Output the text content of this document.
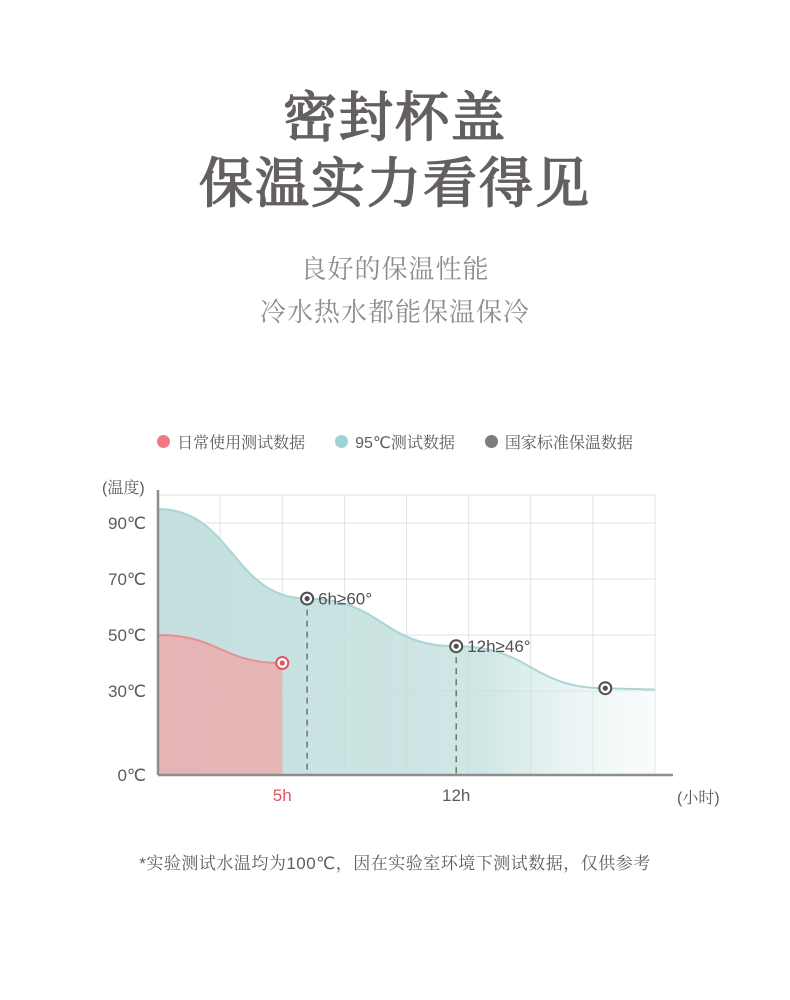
密封杯盖
保温实力看得见
良好的保温性能
冷水热水都能保温保冷
日常使用测试数据	95℃测试数据	国家标准保温数据
0℃
30℃
50℃
70℃
90℃
5h	12h
(温度)
(小时)
6h≥60°
12h≥46°
*实验测试水温均为100℃，因在实验室环境下测试数据，仅供参考
